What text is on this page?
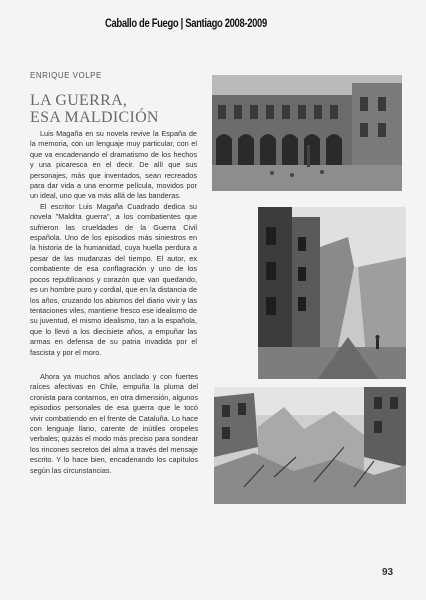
Caballo de Fuego | Santiago 2008-2009
ENRIQUE VOLPE
LA GUERRA,
ESA MALDICIÓN

Luis Magaña en su novela revive la España de la memoria, con un lenguaje muy particular, con el que va encadenando el dramatismo de los hechos y una picaresca en el decir. De allí que sus personajes, más que inventados, sean recreados para dar vida a una enorme película, movidos por un ideal, uno que va más allá de las banderas.

El escritor Luis Magaña Cuadrado dedica su novela "Maldita guerra", a los combatientes que sufrieron las crueldades de la Guerra Civil española. Uno de los episodios más siniestros en la historia de la humanidad, cuya huella perdura a pesar de las mudanzas del tiempo. El autor, ex combatiente de esa conflagración y uno de los pocos republicanos y corazón que van quedando, es un hombre puro y cordial, que en la distancia de los años, cruzando los abismos del diario vivir y las tentaciones viles, mantiene fresco ese idealismo de su juventud, el mismo idealismo, tan a la española, que lo llevó a los diecisiete años, a empuñar las armas en defensa de su patria invadida por el fascista y por el moro.

Ahora ya muchos años anclado y con fuertes raíces afectivas en Chile, empuña la pluma del cronista para contarnos, en otra dimensión, algunos episodios personales de esa guerra que le tocó vivir combatiendo en el frente de Cataluña. Lo hace con lenguaje llano, carente de inútiles oropeles verbales; quizás el modo más preciso para sondear los rincones secretos del alma a través del mensaje escrito. Y lo hace bien, encadenando los capítulos según las circunstancias.

93
